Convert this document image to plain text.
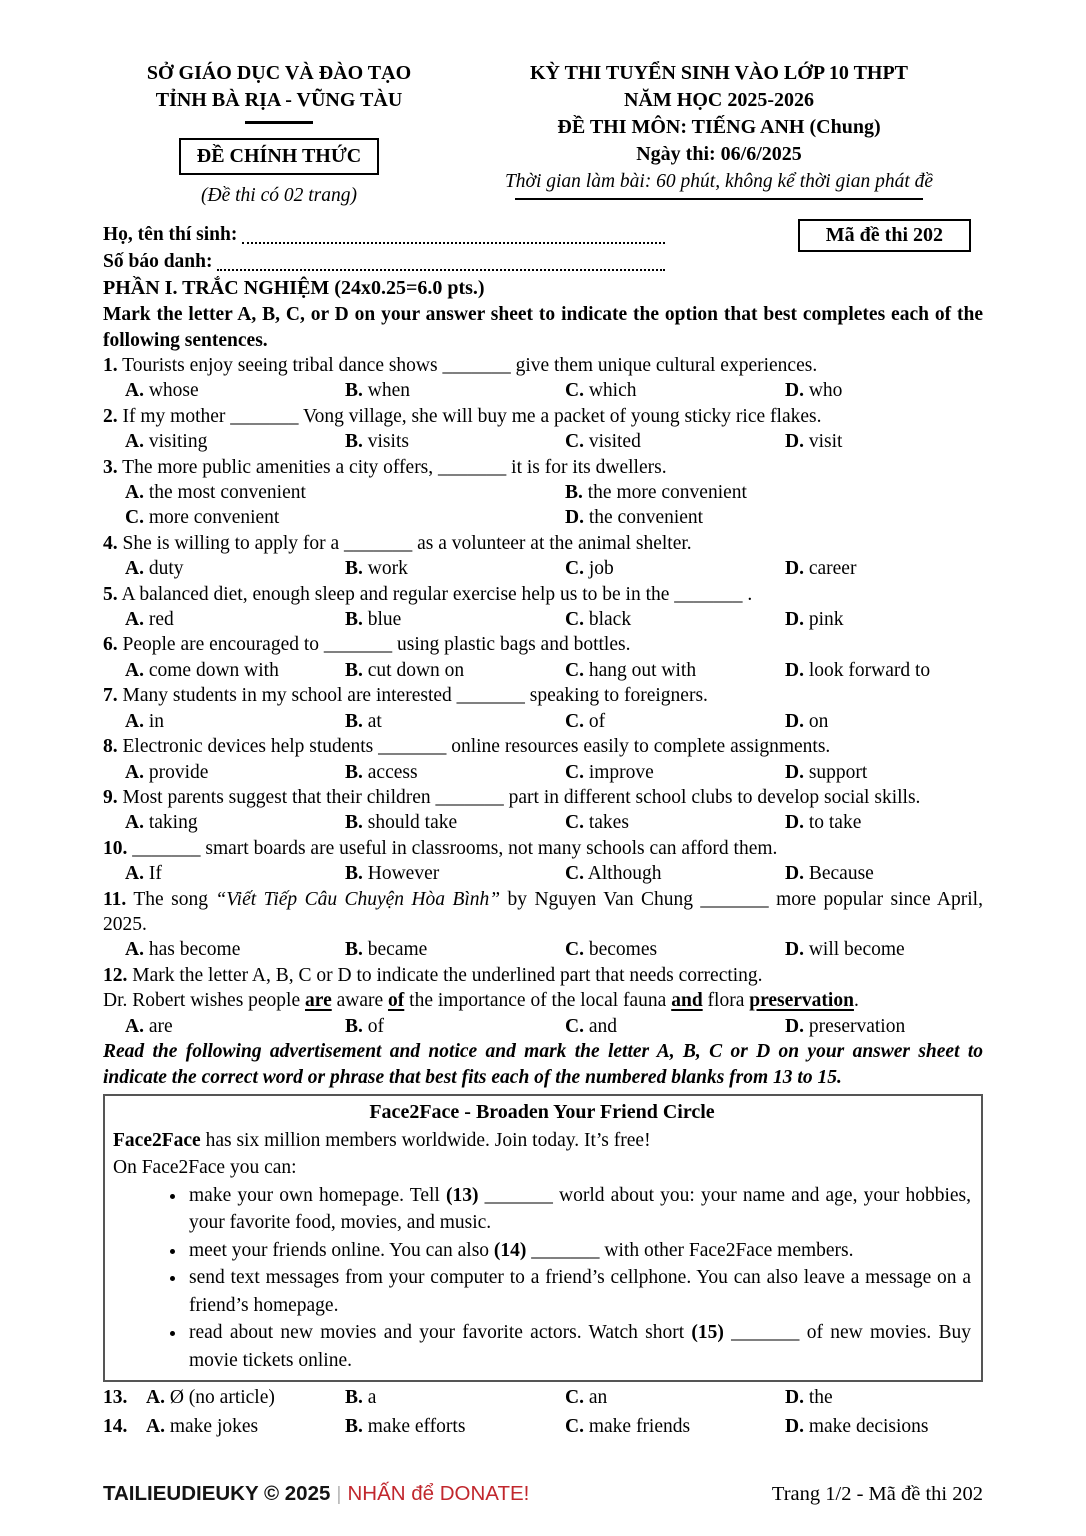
SỞ GIÁO DỤC VÀ ĐÀO TẠO
TỈNH BÀ RỊA - VŨNG TÀU
ĐỀ CHÍNH THỨC
(Đề thi có 02 trang)
KỲ THI TUYỂN SINH VÀO LỚP 10 THPT
NĂM HỌC 2025-2026
ĐỀ THI MÔN: TIẾNG ANH (Chung)
Ngày thi: 06/6/2025
Thời gian làm bài: 60 phút, không kể thời gian phát đề
Họ, tên thí sinh:
Số báo danh:
Mã đề thi 202
PHẦN I. TRẮC NGHIỆM (24x0.25=6.0 pts.)
Mark the letter A, B, C, or D on your answer sheet to indicate the option that best completes each of the following sentences.
1. Tourists enjoy seeing tribal dance shows _______ give them unique cultural experiences.
A. whose	B. when	C. which	D. who
2. If my mother _______ Vong village, she will buy me a packet of young sticky rice flakes.
A. visiting	B. visits	C. visited	D. visit
3. The more public amenities a city offers, _______ it is for its dwellers.
A. the most convenient	B. the more convenient
C. more convenient	D. the convenient
4. She is willing to apply for a _______ as a volunteer at the animal shelter.
A. duty	B. work	C. job	D. career
5. A balanced diet, enough sleep and regular exercise help us to be in the _______ .
A. red	B. blue	C. black	D. pink
6. People are encouraged to _______ using plastic bags and bottles.
A. come down with	B. cut down on	C. hang out with	D. look forward to
7. Many students in my school are interested _______ speaking to foreigners.
A. in	B. at	C. of	D. on
8. Electronic devices help students _______ online resources easily to complete assignments.
A. provide	B. access	C. improve	D. support
9. Most parents suggest that their children _______ part in different school clubs to develop social skills.
A. taking	B. should take	C. takes	D. to take
10. _______ smart boards are useful in classrooms, not many schools can afford them.
A. If	B. However	C. Although	D. Because
11. The song “Viết Tiếp Câu Chuyện Hòa Bình” by Nguyen Van Chung _______ more popular since April, 2025.
A. has become	B. became	C. becomes	D. will become
12. Mark the letter A, B, C or D to indicate the underlined part that needs correcting.
Dr. Robert wishes people are aware of the importance of the local fauna and flora preservation.
A. are	B. of	C. and	D. preservation
Read the following advertisement and notice and mark the letter A, B, C or D on your answer sheet to indicate the correct word or phrase that best fits each of the numbered blanks from 13 to 15.
Face2Face - Broaden Your Friend Circle
Face2Face has six million members worldwide. Join today. It’s free!
On Face2Face you can:
• make your own homepage. Tell (13) _______ world about you: your name and age, your hobbies, your favorite food, movies, and music.
• meet your friends online. You can also (14) _______ with other Face2Face members.
• send text messages from your computer to a friend’s cellphone. You can also leave a message on a friend’s homepage.
• read about new movies and your favorite actors. Watch short (15) _______ of new movies. Buy movie tickets online.
13. A. Ø (no article)	B. a	C. an	D. the
14. A. make jokes	B. make efforts	C. make friends	D. make decisions
TAILIEUDIEUKY © 2025 | NHẤN để DONATE!	Trang 1/2 - Mã đề thi 202
